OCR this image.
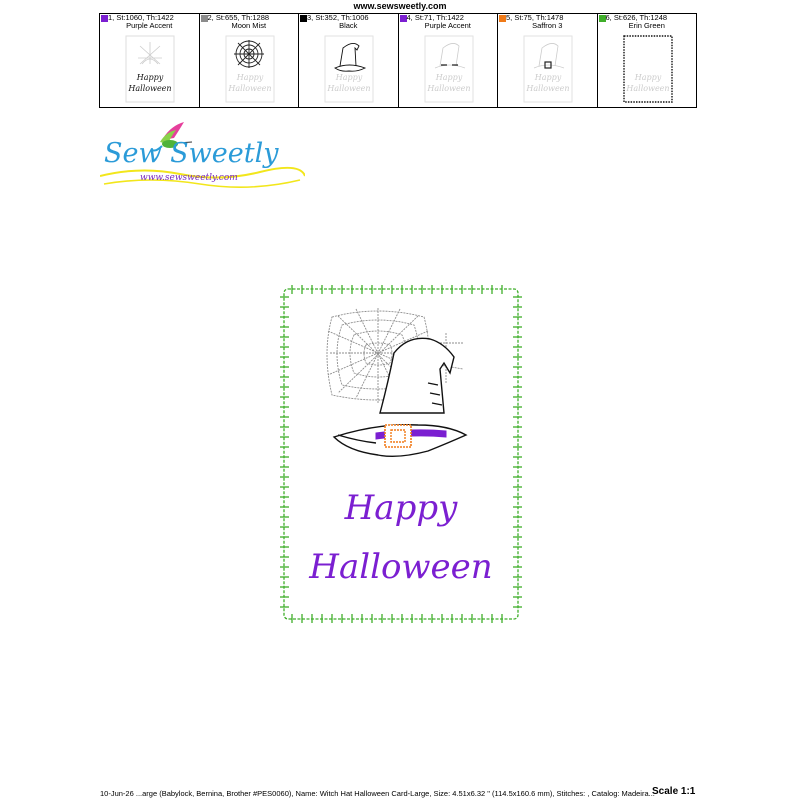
www.sewsweetly.com
1, St:1060, Th:1422
Purple Accent
Happy
Halloween
2, St:655, Th:1288
Moon Mist
Happy
Halloween
3, St:352, Th:1006
Black
Happy
Halloween
4, St:71, Th:1422
Purple Accent
Happy
Halloween
5, St:75, Th:1478
Saffron 3
Happy
Halloween
6, St:626, Th:1248
Erin Green
Happy
Halloween
Sew Sweetly
www.sewsweetly.com
Happy
Halloween
10-Jun-26 ...arge (Babylock, Bernina, Brother #PES0060), Name: Witch Hat Halloween Card-Large, Size: 4.51x6.32 " (114.5x160.6 mm), Stitches: , Catalog: Madeira...
Scale 1:1
